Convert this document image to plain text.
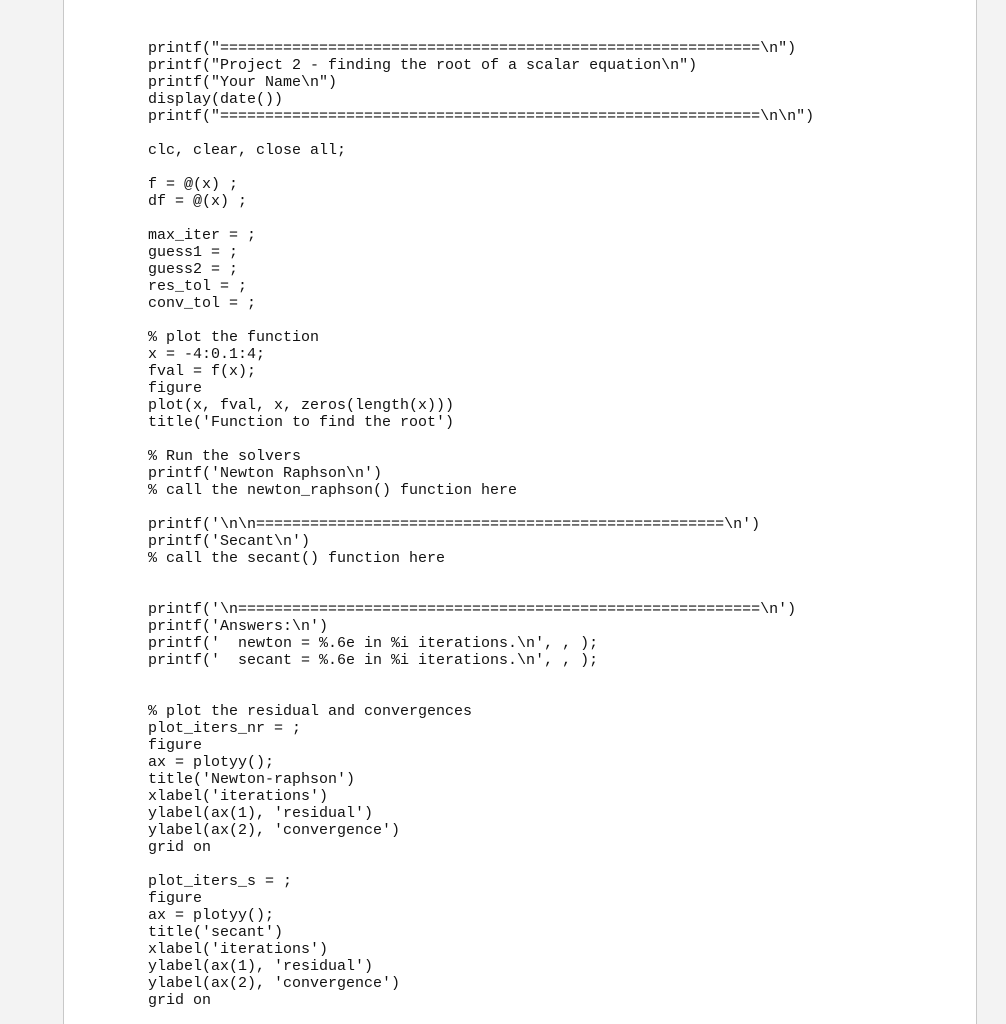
printf("============================================================\n")
printf("Project 2 - finding the root of a scalar equation\n")
printf("Your Name\n")
display(date())
printf("============================================================\n\n")
clc, clear, close all;
f = @(x) ;
df = @(x) ;
max_iter = ;
guess1 = ;
guess2 = ;
res_tol = ;
conv_tol = ;
% plot the function
x = -4:0.1:4;
fval = f(x);
figure
plot(x, fval, x, zeros(length(x)))
title('Function to find the root')
% Run the solvers
printf('Newton Raphson\n')
% call the newton_raphson() function here
printf('\n\n====================================================\n')
printf('Secant\n')
% call the secant() function here
printf('\n==========================================================\n')
printf('Answers:\n')
printf('  newton = %.6e in %i iterations.\n', , );
printf('  secant = %.6e in %i iterations.\n', , );
% plot the residual and convergences
plot_iters_nr = ;
figure
ax = plotyy();
title('Newton-raphson')
xlabel('iterations')
ylabel(ax(1), 'residual')
ylabel(ax(2), 'convergence')
grid on
plot_iters_s = ;
figure
ax = plotyy();
title('secant')
xlabel('iterations')
ylabel(ax(1), 'residual')
ylabel(ax(2), 'convergence')
grid on
